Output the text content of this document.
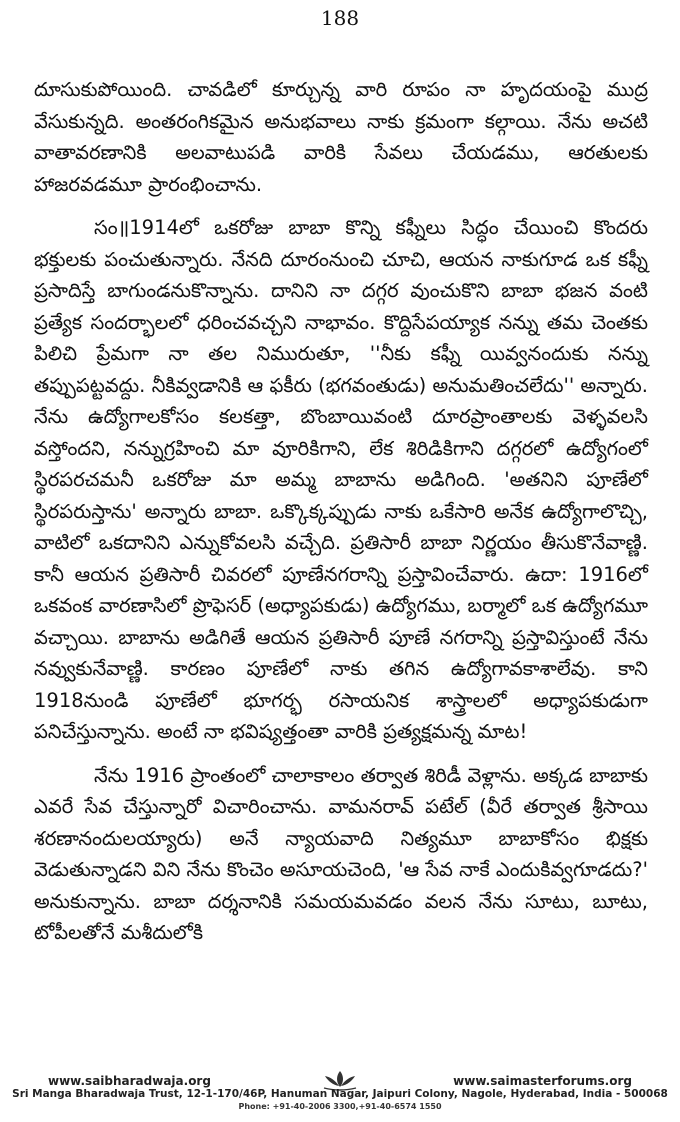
188

దూసుకుపోయింది. చావడిలో కూర్చున్న వారి రూపం నా హృదయంపై ముద్ర వేసుకున్నది. అంతరంగికమైన అనుభవాలు నాకు క్రమంగా కల్గాయి. నేను అచటి వాతావరణానికి అలవాటుపడి వారికి సేవలు చేయడము, ఆరతులకు హాజరవడమూ ప్రారంభించాను.

సం॥1914లో ఒకరోజు బాబా కొన్ని కఫ్నీలు సిద్ధం చేయించి కొందరు భక్తులకు పంచుతున్నారు. నేనది దూరంనుంచి చూచి, ఆయన నాకుగూడ ఒక కఫ్నీ ప్రసాదిస్తే బాగుండనుకొన్నాను. దానిని నా దగ్గర వుంచుకొని బాబా భజన వంటి ప్రత్యేక సందర్భాలలో ధరించవచ్చని నాభావం. కొద్దిసేపయ్యాక నన్ను తమ చెంతకు పిలిచి ప్రేమగా నా తల నిమురుతూ, ''నీకు కఫ్నీ యివ్వనందుకు నన్ను తప్పుపట్టవద్దు. నీకివ్వడానికి ఆ ఫకీరు (భగవంతుడు) అనుమతించలేదు'' అన్నారు. నేను ఉద్యోగాలకోసం కలకత్తా, బొంబాయివంటి దూరప్రాంతాలకు వెళ్ళవలసి వస్తోందని, నన్నుగ్రహించి మా వూరికిగాని, లేక శిరిడికిగాని దగ్గరలో ఉద్యోగంలో స్థిరపరచమనీ ఒకరోజు మా అమ్మ బాబాను అడిగింది. 'అతనిని పూణేలో స్థిరపరుస్తాను' అన్నారు బాబా. ఒక్కొక్కప్పుడు నాకు ఒకేసారి అనేక ఉద్యోగాలొచ్చి, వాటిలో ఒకదానిని ఎన్నుకోవలసి వచ్చేది. ప్రతిసారీ బాబా నిర్ణయం తీసుకొనేవాణ్ణి. కానీ ఆయన ప్రతిసారీ చివరలో పూణేనగరాన్ని ప్రస్తావించేవారు. ఉదా: 1916లో ఒకవంక వారణాసిలో ప్రొఫెసర్ (అధ్యాపకుడు) ఉద్యోగము, బర్మాలో ఒక ఉద్యోగమూ వచ్చాయి. బాబాను అడిగితే ఆయన ప్రతిసారీ పూణే నగరాన్ని ప్రస్తావిస్తుంటే నేను నవ్వుకునేవాణ్ణి. కారణం పూణేలో నాకు తగిన ఉద్యోగావకాశాలేవు. కాని 1918నుండి పూణేలో భూగర్భ రసాయనిక శాస్త్రాలలో అధ్యాపకుడుగా పనిచేస్తున్నాను. అంటే నా భవిష్యత్తంతా వారికి ప్రత్యక్షమన్న మాట!

నేను 1916 ప్రాంతంలో చాలాకాలం తర్వాత శిరిడీ వెళ్లాను. అక్కడ బాబాకు ఎవరే సేవ చేస్తున్నారో విచారించాను. వామనరావ్ పటేల్ (వీరే తర్వాత శ్రీసాయి శరణానందులయ్యారు) అనే న్యాయవాది నిత్యమూ బాబాకోసం భిక్షకు వెడుతున్నాడని విని నేను కొంచెం అసూయచెంది, 'ఆ సేవ నాకే ఎందుకివ్వగూడదు?' అనుకున్నాను. బాబా దర్శనానికి సమయమవడం వలన నేను సూటు, బూటు, టోపీలతోనే మశీదులోకి

www.saibharadwaja.org	www.saimasterforums.org
Sri Manga Bharadwaja Trust, 12-1-170/46P, Hanuman Nagar, Jaipuri Colony, Nagole, Hyderabad, India - 500068
Phone: +91-40-2006 3300,+91-40-6574 1550
